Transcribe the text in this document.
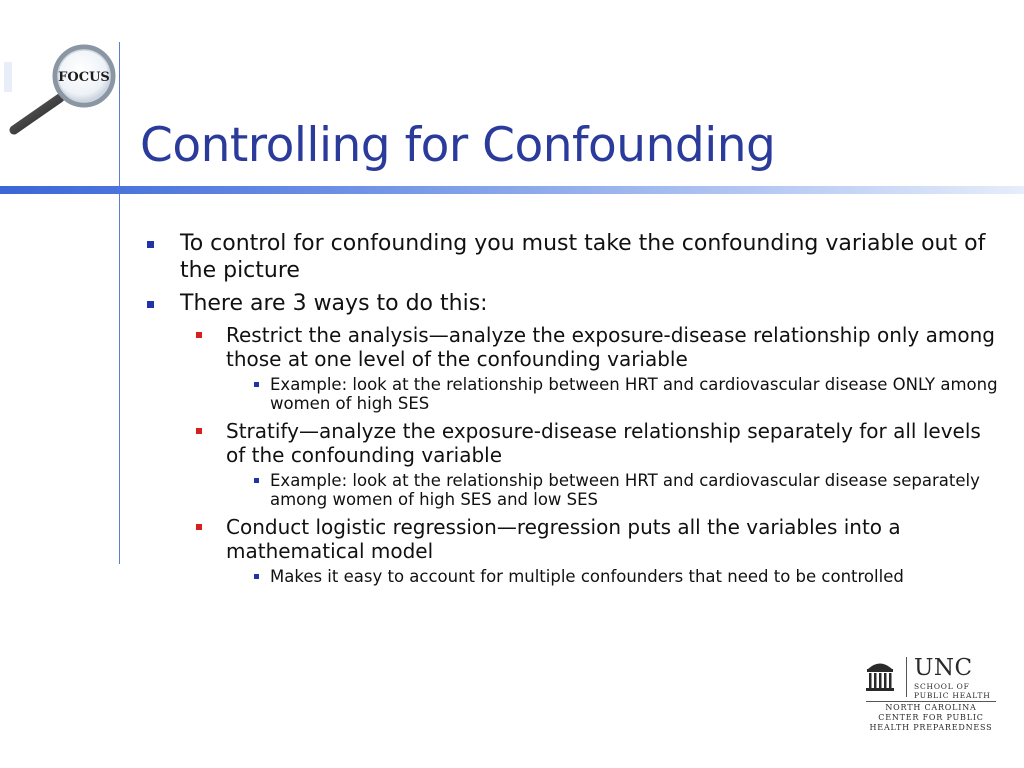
FOCUS
Controlling for Confounding
To control for confounding you must take the confounding variable out of the picture
There are 3 ways to do this:
Restrict the analysis—analyze the exposure-disease relationship only among those at one level of the confounding variable
Example: look at the relationship between HRT and cardiovascular disease ONLY among women of high SES
Stratify—analyze the exposure-disease relationship separately for all levels of the confounding variable
Example: look at the relationship between HRT and cardiovascular disease separately among women of high SES and low SES
Conduct logistic regression—regression puts all the variables into a mathematical model
Makes it easy to account for multiple confounders that need to be controlled
UNC
SCHOOL OF
PUBLIC HEALTH
NORTH CAROLINA
CENTER FOR PUBLIC
HEALTH PREPAREDNESS
